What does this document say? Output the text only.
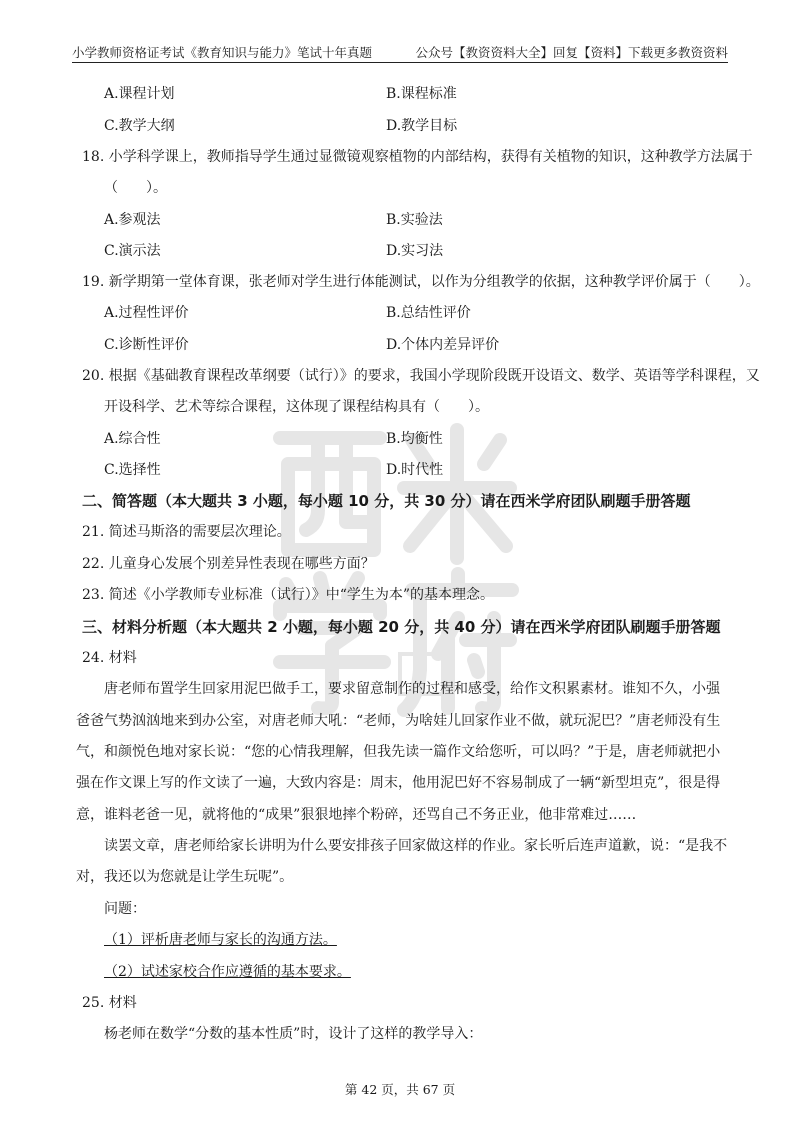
小学教师资格证考试《教育知识与能力》笔试十年真题	公众号【教资资料大全】回复【资料】下载更多教资资料
A.课程计划	B.课程标准
C.教学大纲	D.教学目标
18. 小学科学课上，教师指导学生通过显微镜观察植物的内部结构，获得有关植物的知识，这种教学方法属于
（　　）。
A.参观法	B.实验法
C.演示法	D.实习法
19. 新学期第一堂体育课，张老师对学生进行体能测试，以作为分组教学的依据，这种教学评价属于（　　）。
A.过程性评价	B.总结性评价
C.诊断性评价	D.个体内差异评价
20. 根据《基础教育课程改革纲要（试行）》的要求，我国小学现阶段既开设语文、数学、英语等学科课程，又
开设科学、艺术等综合课程，这体现了课程结构具有（　　）。
A.综合性	B.均衡性
C.选择性	D.时代性
二、简答题（本大题共 3 小题，每小题 10 分，共 30 分）请在西米学府团队刷题手册答题
21. 简述马斯洛的需要层次理论。
22. 儿童身心发展个别差异性表现在哪些方面？
23. 简述《小学教师专业标准（试行）》中“学生为本”的基本理念。
三、材料分析题（本大题共 2 小题，每小题 20 分，共 40 分）请在西米学府团队刷题手册答题
24. 材料
唐老师布置学生回家用泥巴做手工，要求留意制作的过程和感受，给作文积累素材。谁知不久，小强
爸爸气势汹汹地来到办公室，对唐老师大吼：“老师，为啥娃儿回家作业不做，就玩泥巴？”唐老师没有生
气，和颜悦色地对家长说：“您的心情我理解，但我先读一篇作文给您听，可以吗？”于是，唐老师就把小
强在作文课上写的作文读了一遍，大致内容是：周末，他用泥巴好不容易制成了一辆“新型坦克”，很是得
意，谁料老爸一见，就将他的“成果”狠狠地摔个粉碎，还骂自己不务正业，他非常难过……
读罢文章，唐老师给家长讲明为什么要安排孩子回家做这样的作业。家长听后连声道歉，说：“是我不
对，我还以为您就是让学生玩呢”。
问题：
（1）评析唐老师与家长的沟通方法。
（2）试述家校合作应遵循的基本要求。
25. 材料
杨老师在数学“分数的基本性质”时，设计了这样的教学导入：
第 42 页，共 67 页
